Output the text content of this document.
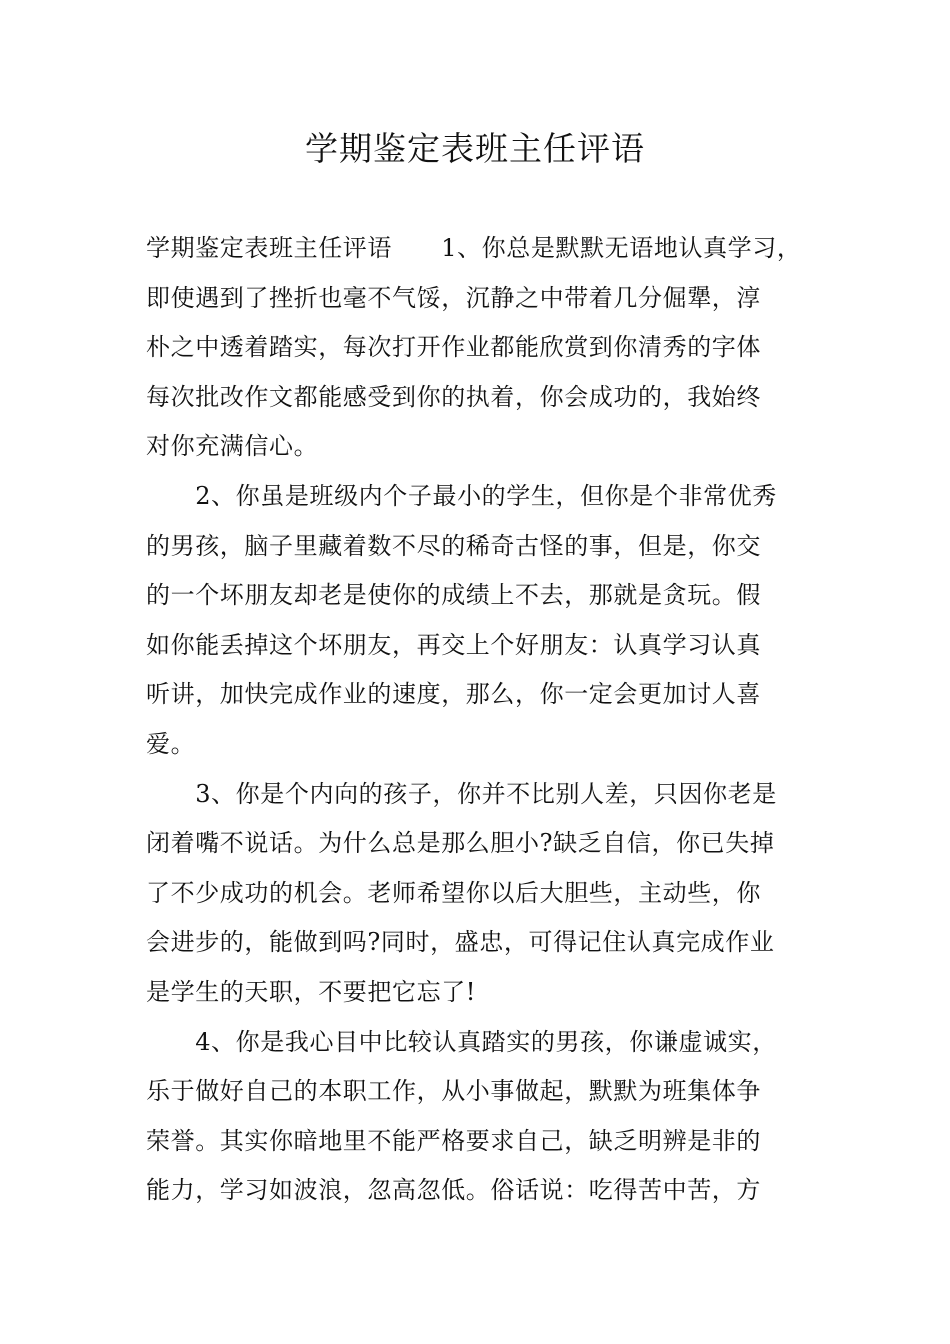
学期鉴定表班主任评语
学期鉴定表班主任评语　　1、你总是默默无语地认真学习，
即使遇到了挫折也毫不气馁，沉静之中带着几分倔犟，淳
朴之中透着踏实，每次打开作业都能欣赏到你清秀的字体
每次批改作文都能感受到你的执着，你会成功的，我始终
对你充满信心。
　　2、你虽是班级内个子最小的学生，但你是个非常优秀
的男孩，脑子里藏着数不尽的稀奇古怪的事，但是，你交
的一个坏朋友却老是使你的成绩上不去，那就是贪玩。假
如你能丢掉这个坏朋友，再交上个好朋友：认真学习认真
听讲，加快完成作业的速度，那么，你一定会更加讨人喜
爱。
　　3、你是个内向的孩子，你并不比别人差，只因你老是
闭着嘴不说话。为什么总是那么胆小?缺乏自信，你已失掉
了不少成功的机会。老师希望你以后大胆些，主动些，你
会进步的，能做到吗?同时，盛忠，可得记住认真完成作业
是学生的天职，不要把它忘了!
　　4、你是我心目中比较认真踏实的男孩，你谦虚诚实，
乐于做好自己的本职工作，从小事做起，默默为班集体争
荣誉。其实你暗地里不能严格要求自己，缺乏明辨是非的
能力，学习如波浪，忽高忽低。俗话说：吃得苦中苦，方
